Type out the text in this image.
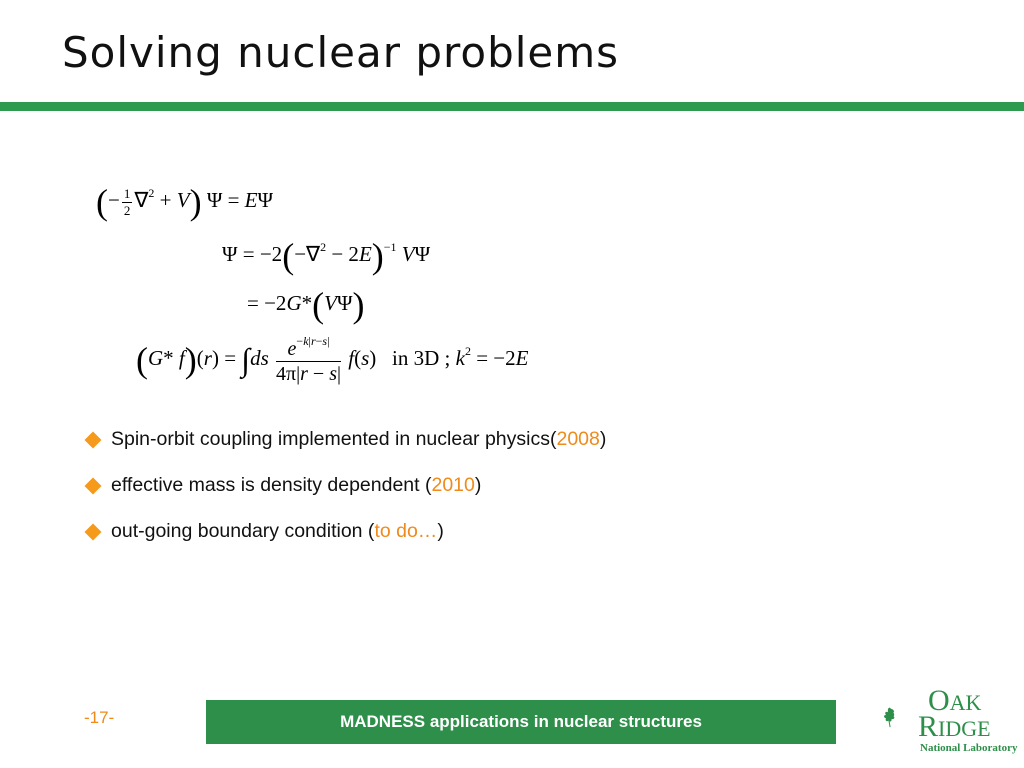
Solving nuclear problems
(− $\frac{1}{2} \nabla^2 + V$) Ψ = EΨ
$\Psi = -2(-\nabla^2 - 2E)^{-1}$ VΨ
= −2G*(VΨ)
(G* $f)(r) = \int ds \frac{e^{-k|r-s|}}{4\pi|r - s|} f(s)$   in 3D ; $k^2 = -2E$
Spin-orbit coupling implemented in nuclear physics( 2008 )
effective mass is density dependent ( 2010 )
out-going boundary condition ( to do… )
-17-	MADNESS applications in nuclear structures
OAK
RIDGE
National Laboratory
